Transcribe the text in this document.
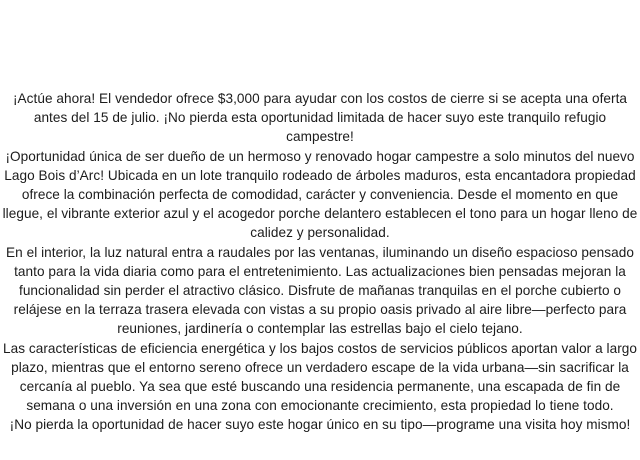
¡Actúe ahora! El vendedor ofrece $3,000 para ayudar con los costos de cierre si se acepta una oferta antes del 15 de julio. ¡No pierda esta oportunidad limitada de hacer suyo este tranquilo refugio campestre!

¡Oportunidad única de ser dueño de un hermoso y renovado hogar campestre a solo minutos del nuevo Lago Bois d’Arc! Ubicada en un lote tranquilo rodeado de árboles maduros, esta encantadora propiedad ofrece la combinación perfecta de comodidad, carácter y conveniencia. Desde el momento en que llegue, el vibrante exterior azul y el acogedor porche delantero establecen el tono para un hogar lleno de calidez y personalidad.

En el interior, la luz natural entra a raudales por las ventanas, iluminando un diseño espacioso pensado tanto para la vida diaria como para el entretenimiento. Las actualizaciones bien pensadas mejoran la funcionalidad sin perder el atractivo clásico. Disfrute de mañanas tranquilas en el porche cubierto o relájese en la terraza trasera elevada con vistas a su propio oasis privado al aire libre—perfecto para reuniones, jardinería o contemplar las estrellas bajo el cielo tejano.

Las características de eficiencia energética y los bajos costos de servicios públicos aportan valor a largo plazo, mientras que el entorno sereno ofrece un verdadero escape de la vida urbana—sin sacrificar la cercanía al pueblo. Ya sea que esté buscando una residencia permanente, una escapada de fin de semana o una inversión en una zona con emocionante crecimiento, esta propiedad lo tiene todo.

¡No pierda la oportunidad de hacer suyo este hogar único en su tipo—programe una visita hoy mismo!
